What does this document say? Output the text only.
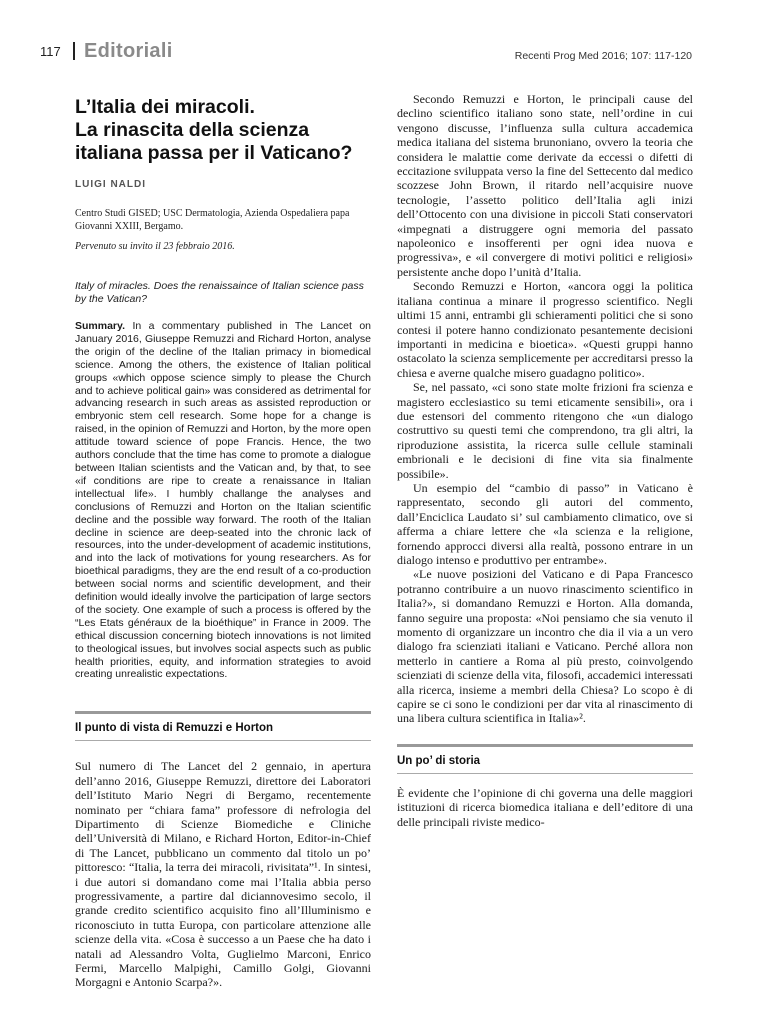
117 Editoriali	Recenti Prog Med 2016; 107: 117-120
L’Italia dei miracoli.
La rinascita della scienza
italiana passa per il Vaticano?
LUIGI NALDI
Centro Studi GISED; USC Dermatologia, Azienda Ospedaliera papa Giovanni XXIII, Bergamo.
Pervenuto su invito il 23 febbraio 2016.
Italy of miracles. Does the renaissaince of Italian science pass by the Vatican?
Summary. In a commentary published in The Lancet on January 2016, Giuseppe Remuzzi and Richard Horton, analyse the origin of the decline of the Italian primacy in biomedical science. Among the others, the existence of Italian political groups «which oppose science simply to please the Church and to achieve political gain» was considered as detrimental for advancing research in such areas as assisted reproduction or embryonic stem cell research. Some hope for a change is raised, in the opinion of Remuzzi and Horton, by the more open attitude toward science of pope Francis. Hence, the two authors conclude that the time has come to promote a dialogue between Italian scientists and the Vatican and, by that, to see «if conditions are ripe to create a renaissance in Italian intellectual life». I humbly challange the analyses and conclusions of Remuzzi and Horton on the Italian scientific decline and the possible way forward. The rooth of the Italian decline in science are deep-seated into the chronic lack of resources, into the under-development of academic institutions, and into the lack of motivations for young researchers. As for bioethical paradigms, they are the end result of a co-production between social norms and scientific development, and their definition would ideally involve the participation of large sectors of the society. One example of such a process is offered by the “Les Etats généraux de la bioéthique” in France in 2009. The ethical discussion concerning biotech innovations is not limited to theological issues, but involves social aspects such as public health priorities, equity, and information strategies to avoid creating unrealistic expectations.
Il punto di vista di Remuzzi e Horton

Sul numero di The Lancet del 2 gennaio, in apertura dell’anno 2016, Giuseppe Remuzzi, direttore dei Laboratori dell’Istituto Mario Negri di Bergamo, recentemente nominato per “chiara fama” professore di nefrologia del Dipartimento di Scienze Biomediche e Cliniche dell’Università di Milano, e Richard Horton, Editor-in-Chief di The Lancet, pubblicano un commento dal titolo un po’ pittoresco: “Italia, la terra dei miracoli, rivisitata”¹. In sintesi, i due autori si domandano come mai l’Italia abbia perso progressivamente, a partire dal diciannovesimo secolo, il grande credito scientifico acquisito fino all’Illuminismo e riconosciuto in tutta Europa, con particolare attenzione alle scienze della vita. «Cosa è successo a un Paese che ha dato i natali ad Alessandro Volta, Guglielmo Marconi, Enrico Fermi, Marcello Malpighi, Camillo Golgi, Giovanni Morgagni e Antonio Scarpa?».

Secondo Remuzzi e Horton, le principali cause del declino scientifico italiano sono state, nell’ordine in cui vengono discusse, l’influenza sulla cultura accademica medica italiana del sistema brunoniano, ovvero la teoria che considera le malattie come derivate da eccessi o difetti di eccitazione sviluppata verso la fine del Settecento dal medico scozzese John Brown, il ritardo nell’acquisire nuove tecnologie, l’assetto politico dell’Italia agli inizi dell’Ottocento con una divisione in piccoli Stati conservatori «impegnati a distruggere ogni memoria del passato napoleonico e insofferenti per ogni idea nuova e progressiva», e «il convergere di motivi politici e religiosi» persistente anche dopo l’unità d’Italia.

Secondo Remuzzi e Horton, «ancora oggi la politica italiana continua a minare il progresso scientifico. Negli ultimi 15 anni, entrambi gli schieramenti politici che si sono contesi il potere hanno condizionato pesantemente decisioni importanti in medicina e bioetica». «Questi gruppi hanno ostacolato la scienza semplicemente per accreditarsi presso la chiesa e averne qualche misero guadagno politico».

Se, nel passato, «ci sono state molte frizioni fra scienza e magistero ecclesiastico su temi eticamente sensibili», ora i due estensori del commento ritengono che «un dialogo costruttivo su questi temi che comprendono, tra gli altri, la riproduzione assistita, la ricerca sulle cellule staminali embrionali e le decisioni di fine vita sia finalmente possibile».

Un esempio del “cambio di passo” in Vaticano è rappresentato, secondo gli autori del commento, dall’Enciclica Laudato si’ sul cambiamento climatico, ove si afferma a chiare lettere che «la scienza e la religione, fornendo approcci diversi alla realtà, possono entrare in un dialogo intenso e produttivo per entrambe».

«Le nuove posizioni del Vaticano e di Papa Francesco potranno contribuire a un nuovo rinascimento scientifico in Italia?», si domandano Remuzzi e Horton. Alla domanda, fanno seguire una proposta: «Noi pensiamo che sia venuto il momento di organizzare un incontro che dia il via a un vero dialogo fra scienziati italiani e Vaticano. Perché allora non metterlo in cantiere a Roma al più presto, coinvolgendo scienziati di scienze della vita, filosofi, accademici interessati alla ricerca, insieme a membri della Chiesa? Lo scopo è di capire se ci sono le condizioni per dar vita al rinascimento di una libera cultura scientifica in Italia»².

Un po’ di storia

È evidente che l’opinione di chi governa una delle maggiori istituzioni di ricerca biomedica italiana e dell’editore di una delle principali riviste medico-
